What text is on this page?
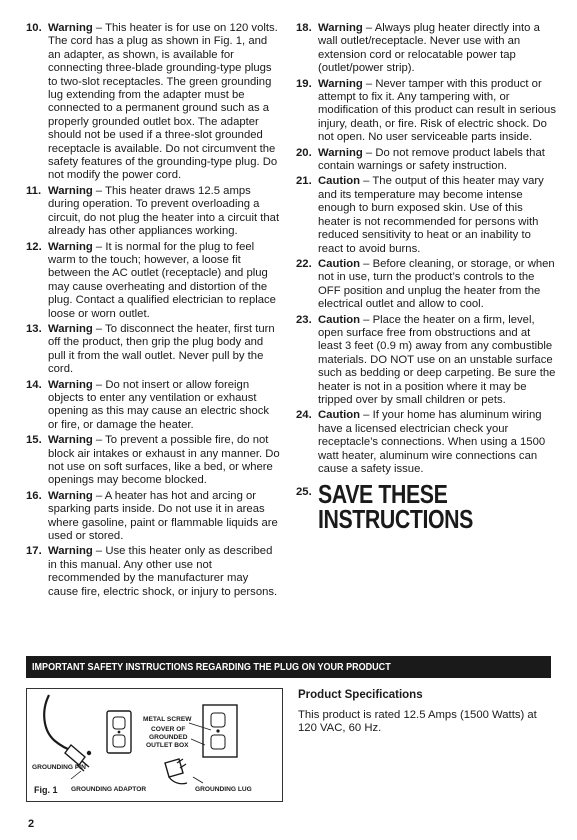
10. Warning – This heater is for use on 120 volts. The cord has a plug as shown in Fig. 1, and an adapter, as shown, is available for connecting three-blade grounding-type plugs to two-slot receptacles. The green grounding lug extending from the adapter must be connected to a permanent ground such as a properly grounded outlet box. The adapter should not be used if a three-slot grounded receptacle is available. Do not circumvent the safety features of the grounding-type plug. Do not modify the power cord.
11. Warning – This heater draws 12.5 amps during operation. To prevent overloading a circuit, do not plug the heater into a circuit that already has other appliances working.
12. Warning – It is normal for the plug to feel warm to the touch; however, a loose fit between the AC outlet (receptacle) and plug may cause overheating and distortion of the plug. Contact a qualified electrician to replace loose or worn outlet.
13. Warning – To disconnect the heater, first turn off the product, then grip the plug body and pull it from the wall outlet. Never pull by the cord.
14. Warning – Do not insert or allow foreign objects to enter any ventilation or exhaust opening as this may cause an electric shock or fire, or damage the heater.
15. Warning – To prevent a possible fire, do not block air intakes or exhaust in any manner. Do not use on soft surfaces, like a bed, or where openings may become blocked.
16. Warning – A heater has hot and arcing or sparking parts inside. Do not use it in areas where gasoline, paint or flammable liquids are used or stored.
17. Warning – Use this heater only as described in this manual. Any other use not recommended by the manufacturer may cause fire, electric shock, or injury to persons.
18. Warning – Always plug heater directly into a wall outlet/receptacle. Never use with an extension cord or relocatable power tap (outlet/power strip).
19. Warning – Never tamper with this product or attempt to fix it. Any tampering with, or modification of this product can result in serious injury, death, or fire. Risk of electric shock. Do not open. No user serviceable parts inside.
20. Warning – Do not remove product labels that contain warnings or safety instruction.
21. Caution – The output of this heater may vary and its temperature may become intense enough to burn exposed skin. Use of this heater is not recommended for persons with reduced sensitivity to heat or an inability to react to avoid burns.
22. Caution – Before cleaning, or storage, or when not in use, turn the product’s controls to the OFF position and unplug the heater from the electrical outlet and allow to cool.
23. Caution – Place the heater on a firm, level, open surface free from obstructions and at least 3 feet (0.9 m) away from any combustible materials. DO NOT use on an unstable surface such as bedding or deep carpeting. Be sure the heater is not in a position where it may be tripped over by small children or pets.
24. Caution – If your home has aluminum wiring have a licensed electrician check your receptacle’s connections. When using a 1500 watt heater, aluminum wire connections can cause a safety issue.
25. SAVE THESE
INSTRUCTIONS
IMPORTANT SAFETY INSTRUCTIONS REGARDING THE PLUG ON YOUR PRODUCT
METAL SCREW
COVER OF
GROUNDED
OUTLET BOX
GROUNDING PIN
Fig. 1 GROUNDING ADAPTOR	GROUNDING LUG
Product Specifications
This product is rated 12.5 Amps (1500 Watts) at 120 VAC, 60 Hz.
2
